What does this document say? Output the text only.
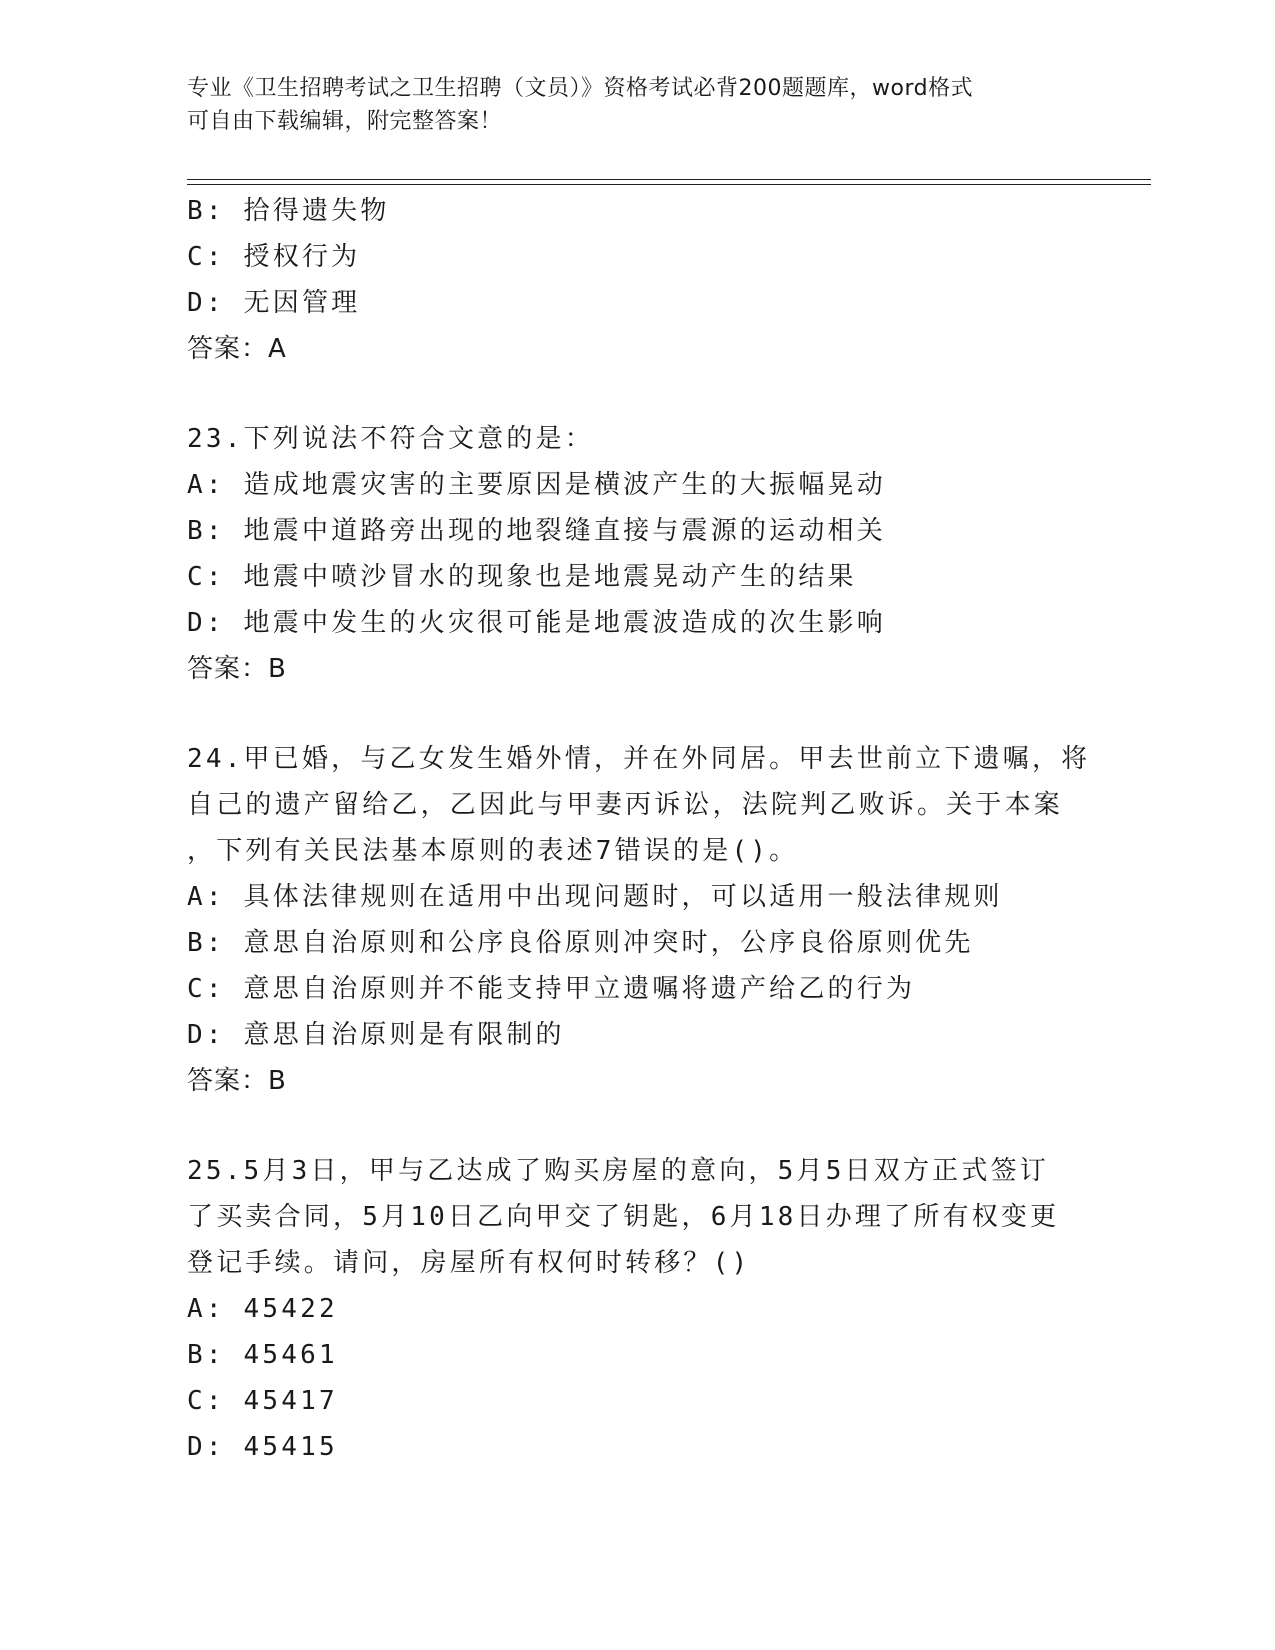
专业《卫生招聘考试之卫生招聘（文员）》资格考试必背200题题库，word格式
可自由下载编辑，附完整答案！
B: 拾得遗失物
C: 授权行为
D: 无因管理
答案：A
23.下列说法不符合文意的是：
A: 造成地震灾害的主要原因是横波产生的大振幅晃动
B: 地震中道路旁出现的地裂缝直接与震源的运动相关
C: 地震中喷沙冒水的现象也是地震晃动产生的结果
D: 地震中发生的火灾很可能是地震波造成的次生影响
答案：B
24.甲已婚，与乙女发生婚外情，并在外同居。甲去世前立下遗嘱，将
自己的遗产留给乙，乙因此与甲妻丙诉讼，法院判乙败诉。关于本案
，下列有关民法基本原则的表述7错误的是()。
A: 具体法律规则在适用中出现问题时，可以适用一般法律规则
B: 意思自治原则和公序良俗原则冲突时，公序良俗原则优先
C: 意思自治原则并不能支持甲立遗嘱将遗产给乙的行为
D: 意思自治原则是有限制的
答案：B
25.5月3日，甲与乙达成了购买房屋的意向，5月5日双方正式签订
了买卖合同，5月10日乙向甲交了钥匙，6月18日办理了所有权变更
登记手续。请问，房屋所有权何时转移？()
A: 45422
B: 45461
C: 45417
D: 45415
